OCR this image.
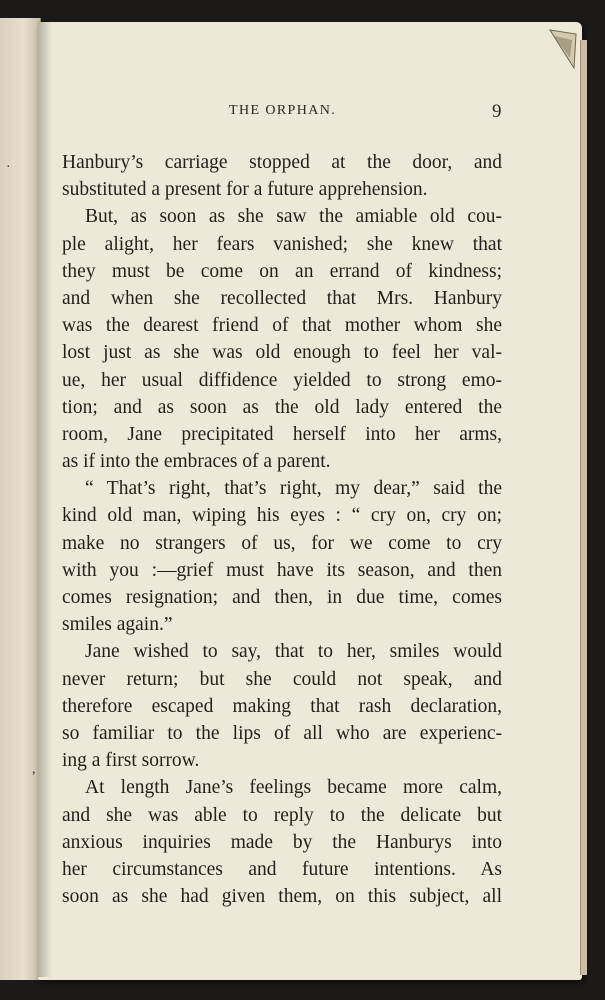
THE ORPHAN.	9
Hanbury’s carriage stopped at the door, and
substituted a present for a future apprehension.
But, as soon as she saw the amiable old cou-
ple alight, her fears vanished; she knew that
they must be come on an errand of kindness;
and when she recollected that Mrs. Hanbury
was the dearest friend of that mother whom she
lost just as she was old enough to feel her val-
ue, her usual diffidence yielded to strong emo-
tion; and as soon as the old lady entered the
room, Jane precipitated herself into her arms,
as if into the embraces of a parent.
“ That’s right, that’s right, my dear,” said the
kind old man, wiping his eyes : “ cry on, cry on;
make no strangers of us, for we come to cry
with you :—grief must have its season, and then
comes resignation; and then, in due time, comes
smiles again.”
Jane wished to say, that to her, smiles would
never return; but she could not speak, and
therefore escaped making that rash declaration,
so familiar to the lips of all who are experienc-
ing a first sorrow.
At length Jane’s feelings became more calm,
and she was able to reply to the delicate but
anxious inquiries made by the Hanburys into
her circumstances and future intentions. As
soon as she had given them, on this subject, all
·
,
